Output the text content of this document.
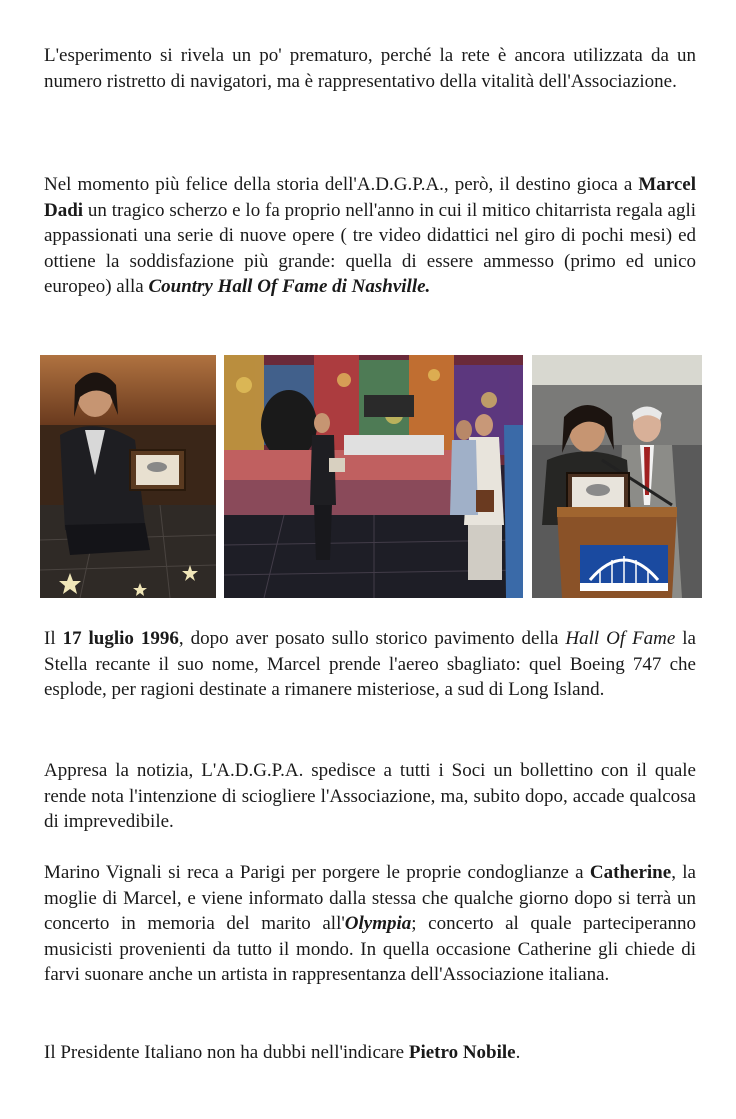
L'esperimento si rivela un po' prematuro, perché la rete è ancora utilizzata da un numero ristretto di navigatori, ma è rappresentativo della vitalità dell'Associazione.

Nel momento più felice della storia dell'A.D.G.P.A., però, il destino gioca a Marcel Dadi un tragico scherzo e lo fa proprio nell'anno in cui il mitico chitarrista regala agli appassionati una serie di nuove opere ( tre video didattici nel giro di pochi mesi) ed ottiene la soddisfazione più grande: quella di essere ammesso (primo ed unico europeo) alla Country Hall Of Fame di Nashville.

Il 17 luglio 1996, dopo aver posato sullo storico pavimento della Hall Of Fame la Stella recante il suo nome, Marcel prende l'aereo sbagliato: quel Boeing 747 che esplode, per ragioni destinate a rimanere misteriose, a sud di Long Island.

Appresa la notizia, L'A.D.G.P.A. spedisce a tutti i Soci un bollettino con il quale rende nota l'intenzione di sciogliere l'Associazione, ma, subito dopo, accade qualcosa di imprevedibile.

Marino Vignali si reca a Parigi per porgere le proprie condoglianze a Catherine, la moglie di Marcel, e viene informato dalla stessa che qualche giorno dopo si terrà un concerto in memoria del marito all'Olympia; concerto al quale parteciperanno musicisti provenienti da tutto il mondo. In quella occasione Catherine gli chiede di farvi suonare anche un artista in rappresentanza dell'Associazione italiana.

Il Presidente Italiano non ha dubbi nell'indicare Pietro Nobile.
